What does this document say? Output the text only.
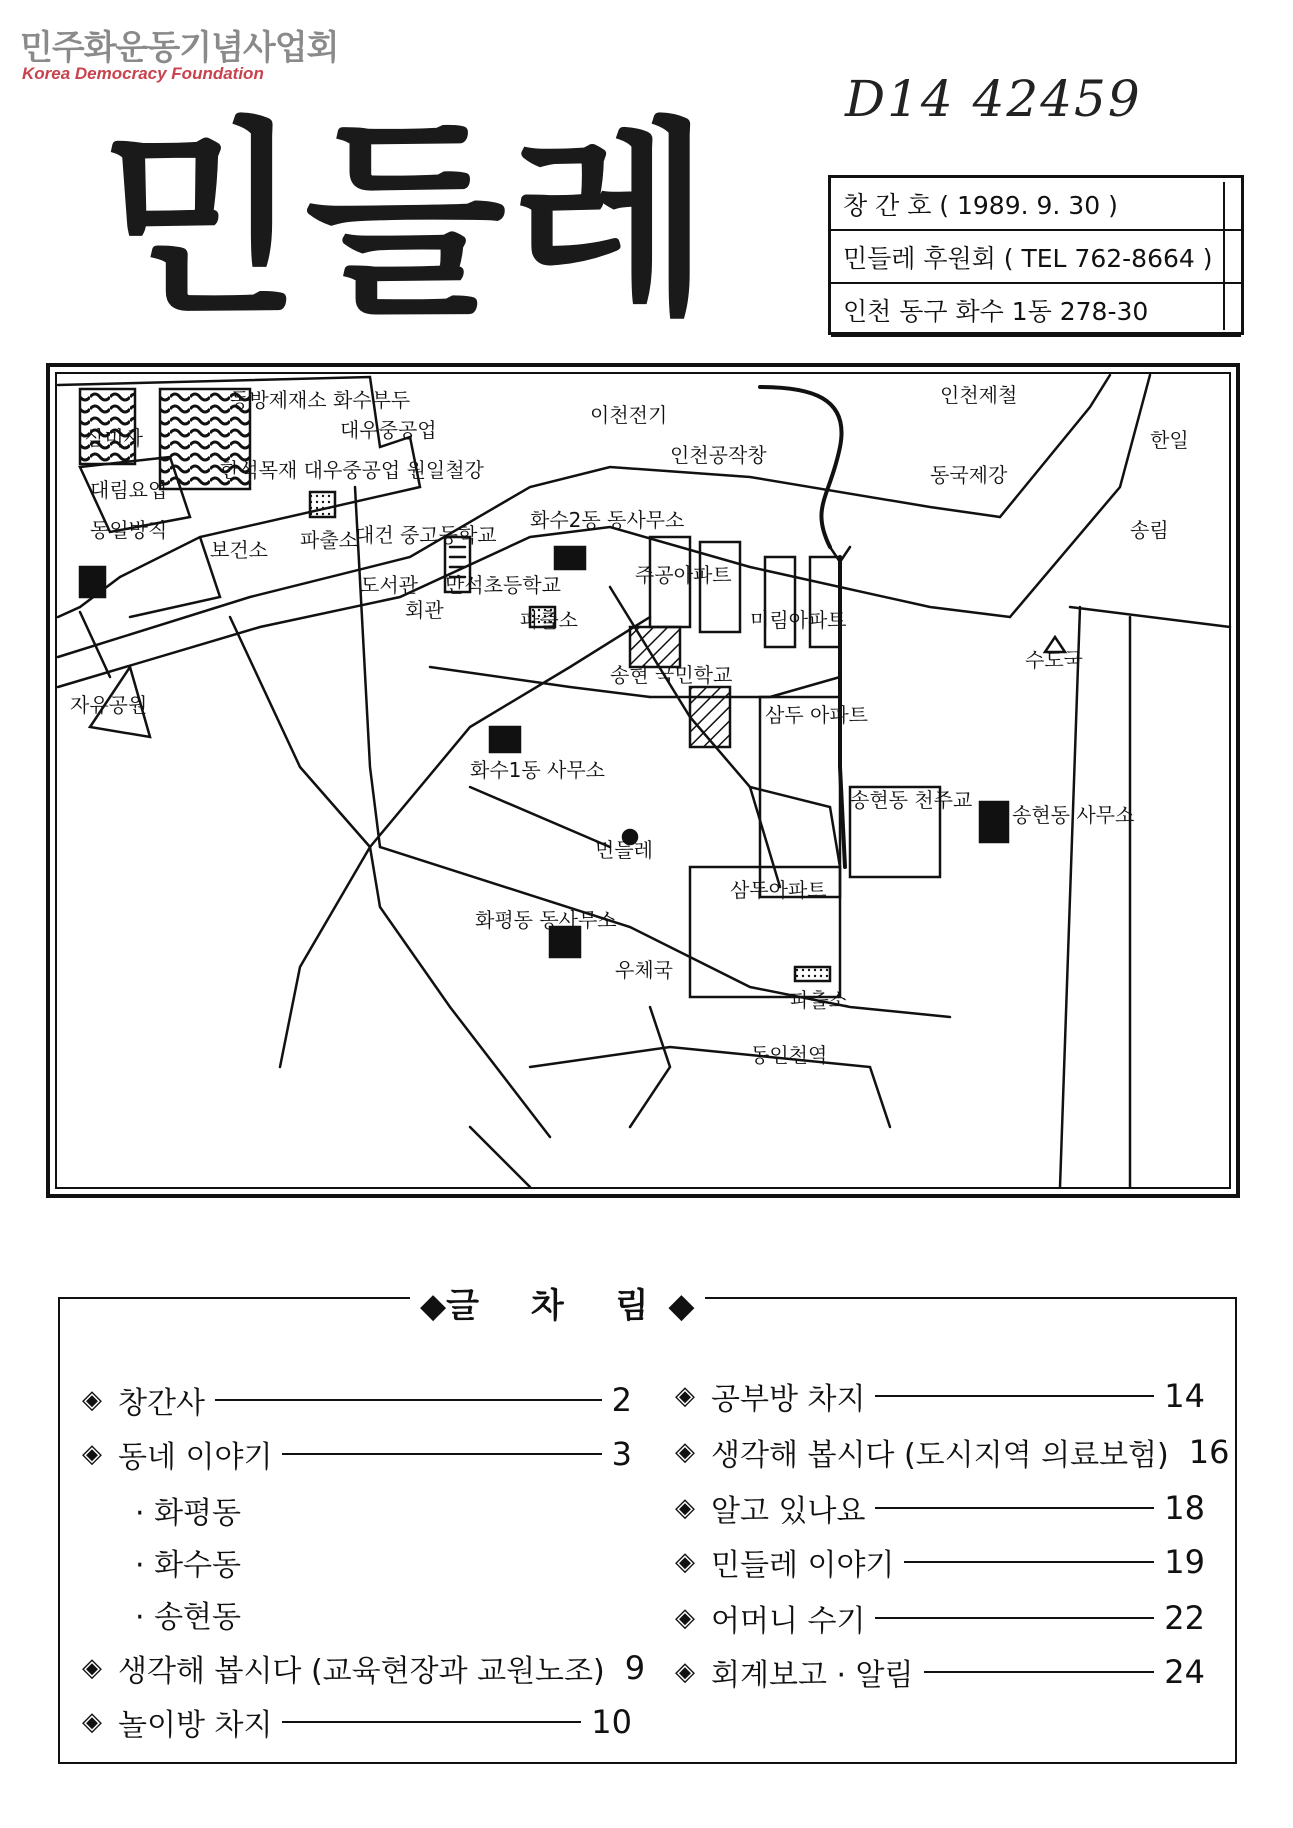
민주화운동기념사업회
Korea Democracy Foundation	D14 42459
민들레	창 간 호 ( 1989. 9. 30 )
민들레 후원회 ( TEL 762-8664 )
인천 동구 화수 1동 278-30
동방제재소 화수부두
삼미사
대림요업
대우중공업
이천전기
인천제철
인천공작창
동국제강
한일
동일방직
한석목재 대우중공업 원일철강
보건소 파출소
대건 중고등학교
도서관
회관
만석초등학교
화수2동 동사무소
주공아파트
미림아파트
파출소
송현 국민학교
삼두 아파트
수도국
자유공원
화수1동 사무소
민들레
송현동 천주교
송현동 사무소
삼두아파트
화평동 동사무소
우체국
파출소
동인천역
송림
◆글 차 림◆
◈ 창간사	2
◈ 동네 이야기	3
· 화평동
· 화수동
· 송현동
◈ 생각해 봅시다 (교육현장과 교원노조) 9
◈ 놀이방 차지	10
◈ 공부방 차지	14
◈ 생각해 봅시다 (도시지역 의료보험) 16
◈ 알고 있나요	18
◈ 민들레 이야기	19
◈ 어머니 수기	22
◈ 회계보고 · 알림	24
